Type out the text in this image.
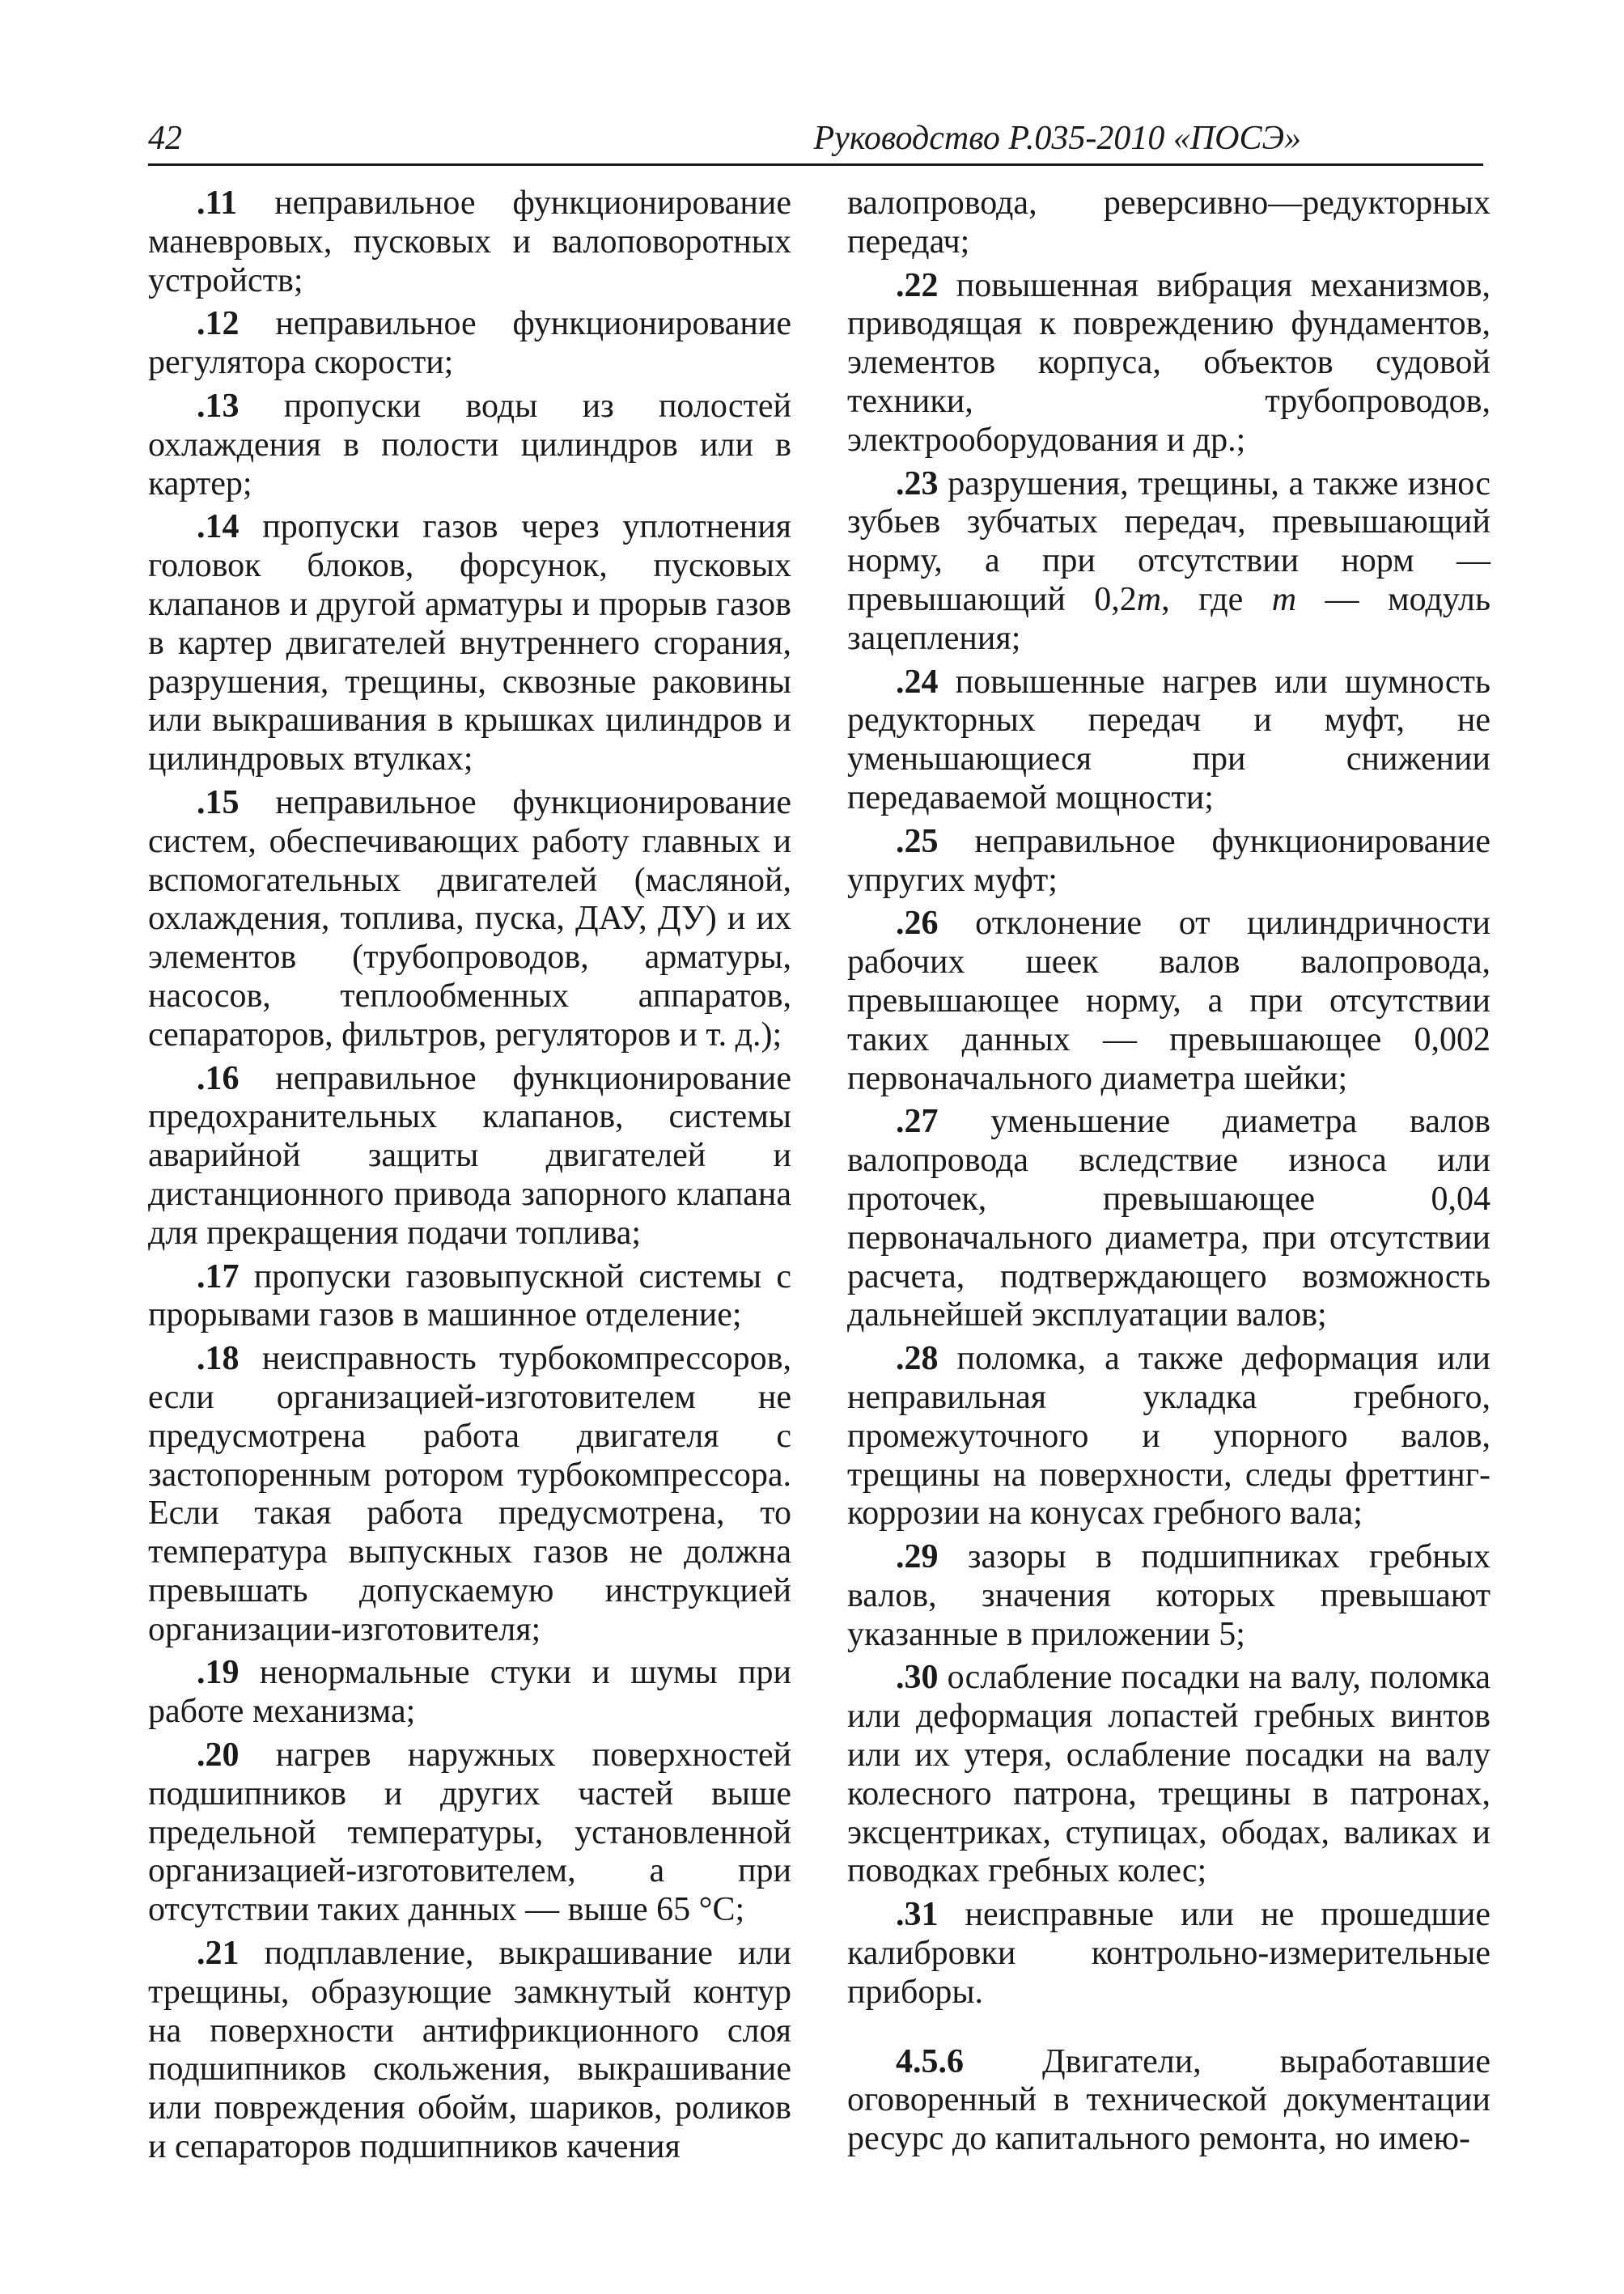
42	Руководство Р.035-2010 «ПОСЭ»

.11 неправильное функционирование маневровых, пусковых и валоповоротных устройств;

.12 неправильное функционирование регулятора скорости;

.13 пропуски воды из полостей охлаждения в полости цилиндров или в картер;

.14 пропуски газов через уплотнения головок блоков, форсунок, пусковых клапанов и другой арматуры и прорыв газов в картер двигателей внутреннего сгорания, разрушения, трещины, сквозные раковины или выкрашивания в крышках цилиндров и цилиндровых втулках;

.15 неправильное функционирование систем, обеспечивающих работу главных и вспомогательных двигателей (масляной, охлаждения, топлива, пуска, ДАУ, ДУ) и их элементов (трубопроводов, арматуры, насосов, теплообменных аппаратов, сепараторов, фильтров, регуляторов и т. д.);

.16 неправильное функционирование предохранительных клапанов, системы аварийной защиты двигателей и дистанционного привода запорного клапана для прекращения подачи топлива;

.17 пропуски газовыпускной системы с прорывами газов в машинное отделение;

.18 неисправность турбокомпрессоров, если организацией-изготовителем не предусмотрена работа двигателя с застопоренным ротором турбокомпрессора. Если такая работа предусмотрена, то температура выпускных газов не должна превышать допускаемую инструкцией организации-изготовителя;

.19 ненормальные стуки и шумы при работе механизма;

.20 нагрев наружных поверхностей подшипников и других частей выше предельной температуры, установленной организацией-изготовителем, а при отсутствии таких данных — выше 65 °С;

.21 подплавление, выкрашивание или трещины, образующие замкнутый контур на поверхности антифрикционного слоя подшипников скольжения, выкрашивание или повреждения обойм, шариков, роликов и сепараторов подшипников качения

валопровода, реверсивно—редукторных передач;

.22 повышенная вибрация механизмов, приводящая к повреждению фундаментов, элементов корпуса, объектов судовой техники, трубопроводов, электрооборудования и др.;

.23 разрушения, трещины, а также износ зубьев зубчатых передач, превышающий норму, а при отсутствии норм — превышающий 0,2m, где m — модуль зацепления;

.24 повышенные нагрев или шумность редукторных передач и муфт, не уменьшающиеся при снижении передаваемой мощности;

.25 неправильное функционирование упругих муфт;

.26 отклонение от цилиндричности рабочих шеек валов валопровода, превышающее норму, а при отсутствии таких данных — превышающее 0,002 первоначального диаметра шейки;

.27 уменьшение диаметра валов валопровода вследствие износа или проточек, превышающее 0,04 первоначального диаметра, при отсутствии расчета, подтверждающего возможность дальнейшей эксплуатации валов;

.28 поломка, а также деформация или неправильная укладка гребного, промежуточного и упорного валов, трещины на поверхности, следы фреттинг-коррозии на конусах гребного вала;

.29 зазоры в подшипниках гребных валов, значения которых превышают указанные в приложении 5;

.30 ослабление посадки на валу, поломка или деформация лопастей гребных винтов или их утеря, ослабление посадки на валу колесного патрона, трещины в патронах, эксцентриках, ступицах, ободах, валиках и поводках гребных колес;

.31 неисправные или не прошедшие калибровки контрольно-измерительные приборы.

4.5.6 Двигатели, выработавшие оговоренный в технической документации ресурс до капитального ремонта, но имею-
